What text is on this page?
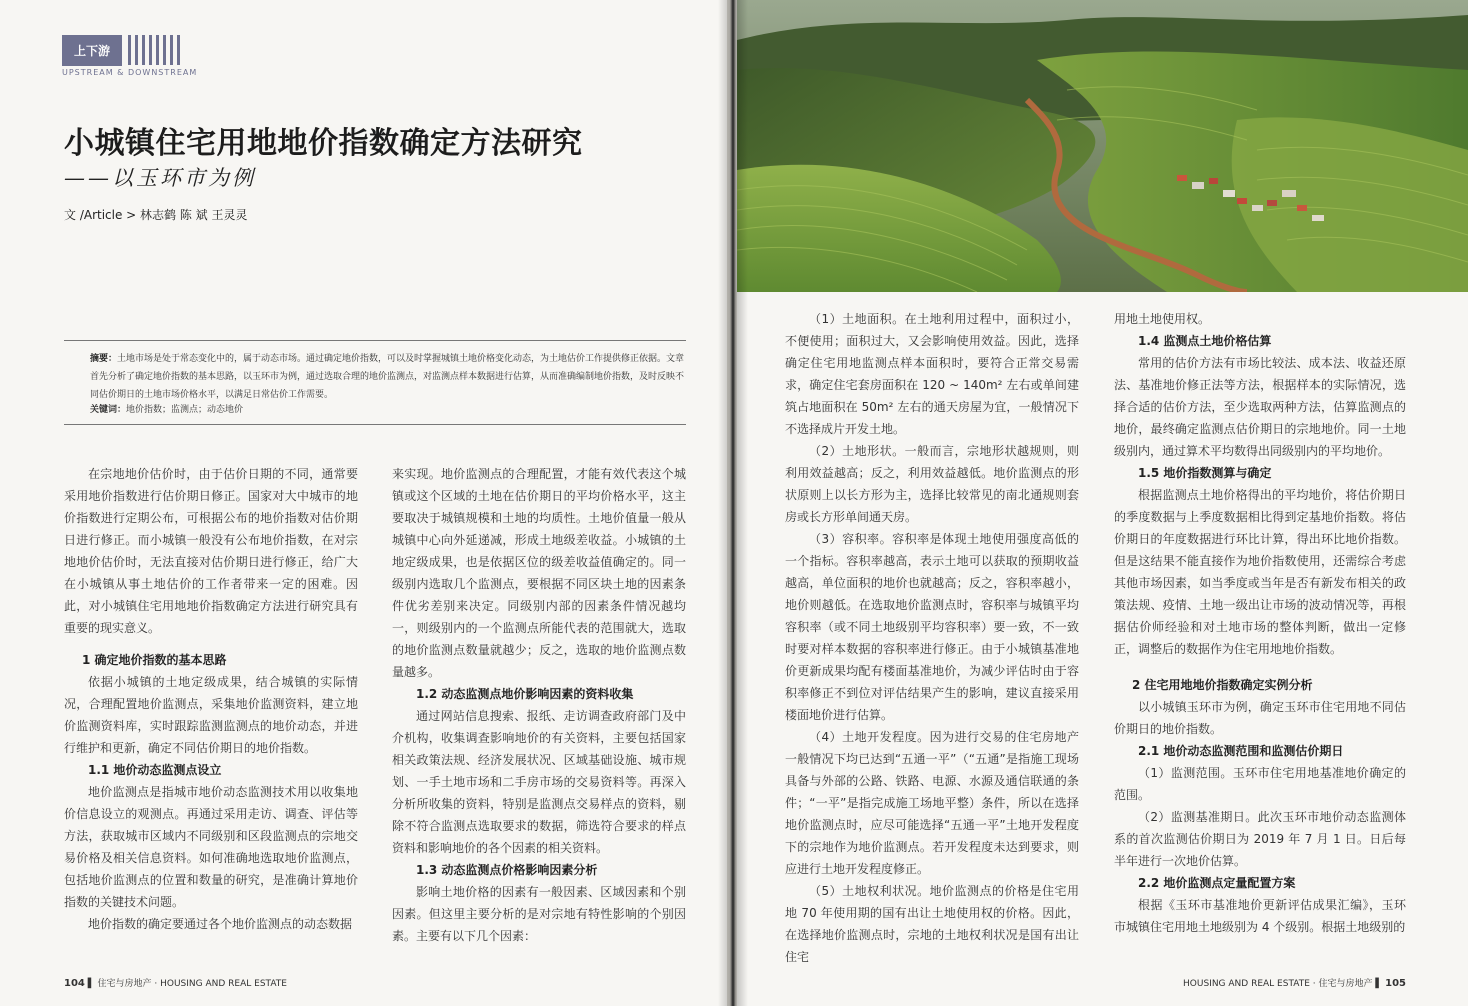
上下游
UPSTREAM & DOWNSTREAM
小城镇住宅用地地价指数确定方法研究
——以玉环市为例
文 /Article > 林志鹤 陈 斌 王灵灵
摘要：土地市场是处于常态变化中的，属于动态市场。通过确定地价指数，可以及时掌握城镇土地价格变化动态，为土地估价工作提供修正依据。文章首先分析了确定地价指数的基本思路，以玉环市为例，通过选取合理的地价监测点，对监测点样本数据进行估算，从而准确编制地价指数，及时反映不同估价期日的土地市场价格水平，以满足日常估价工作需要。
关键词：地价指数；监测点；动态地价

在宗地地价估价时，由于估价日期的不同，通常要采用地价指数进行估价期日修正。国家对大中城市的地价指数进行定期公布，可根据公布的地价指数对估价期日进行修正。而小城镇一般没有公布地价指数，在对宗地地价估价时，无法直接对估价期日进行修正，给广大在小城镇从事土地估价的工作者带来一定的困难。因此，对小城镇住宅用地地价指数确定方法进行研究具有重要的现实意义。

1 确定地价指数的基本思路

依据小城镇的土地定级成果，结合城镇的实际情况，合理配置地价监测点，采集地价监测资料，建立地价监测资料库，实时跟踪监测监测点的地价动态，并进行维护和更新，确定不同估价期日的地价指数。

1.1 地价动态监测点设立

地价监测点是指城市地价动态监测技术用以收集地价信息设立的观测点。再通过采用走访、调查、评估等方法，获取城市区域内不同级别和区段监测点的宗地交易价格及相关信息资料。如何准确地选取地价监测点，包括地价监测点的位置和数量的研究，是准确计算地价指数的关键技术问题。

地价指数的确定要通过各个地价监测点的动态数据

来实现。地价监测点的合理配置，才能有效代表这个城镇或这个区域的土地在估价期日的平均价格水平，这主要取决于城镇规模和土地的均质性。土地价值量一般从城镇中心向外延递减，形成土地级差收益。小城镇的土地定级成果，也是依据区位的级差收益值确定的。同一级别内选取几个监测点，要根据不同区块土地的因素条件优劣差别来决定。同级别内部的因素条件情况越均一，则级别内的一个监测点所能代表的范围就大，选取的地价监测点数量就越少；反之，选取的地价监测点数量越多。

1.2 动态监测点地价影响因素的资料收集

通过网站信息搜索、报纸、走访调查政府部门及中介机构，收集调查影响地价的有关资料，主要包括国家相关政策法规、经济发展状况、区域基础设施、城市规划、一手土地市场和二手房市场的交易资料等。再深入分析所收集的资料，特别是监测点交易样点的资料，剔除不符合监测点选取要求的数据，筛选符合要求的样点资料和影响地价的各个因素的相关资料。

1.3 动态监测点价格影响因素分析

影响土地价格的因素有一般因素、区域因素和个别因素。但这里主要分析的是对宗地有特性影响的个别因素。主要有以下几个因素：

104 ▌ 住宅与房地产 · HOUSING AND REAL ESTATE

（1）土地面积。在土地利用过程中，面积过小，不便使用；面积过大，又会影响使用效益。因此，选择确定住宅用地监测点样本面积时，要符合正常交易需求，确定住宅套房面积在 120 ~ 140m² 左右或单间建筑占地面积在 50m² 左右的通天房屋为宜，一般情况下不选择成片开发土地。

（2）土地形状。一般而言，宗地形状越规则，则利用效益越高；反之，利用效益越低。地价监测点的形状原则上以长方形为主，选择比较常见的南北通规则套房或长方形单间通天房。

（3）容积率。容积率是体现土地使用强度高低的一个指标。容积率越高，表示土地可以获取的预期收益越高，单位面积的地价也就越高；反之，容积率越小，地价则越低。在选取地价监测点时，容积率与城镇平均容积率（或不同土地级别平均容积率）要一致，不一致时要对样本数据的容积率进行修正。由于小城镇基准地价更新成果均配有楼面基准地价，为减少评估时由于容积率修正不到位对评估结果产生的影响，建议直接采用楼面地价进行估算。

（4）土地开发程度。因为进行交易的住宅房地产一般情况下均已达到“五通一平”（“五通”是指施工现场具备与外部的公路、铁路、电源、水源及通信联通的条件；“一平”是指完成施工场地平整）条件，所以在选择地价监测点时，应尽可能选择“五通一平”土地开发程度下的宗地作为地价监测点。若开发程度未达到要求，则应进行土地开发程度修正。

（5）土地权利状况。地价监测点的价格是住宅用地 70 年使用期的国有出让土地使用权的价格。因此，在选择地价监测点时，宗地的土地权利状况是国有出让住宅

用地土地使用权。

1.4 监测点土地价格估算

常用的估价方法有市场比较法、成本法、收益还原法、基准地价修正法等方法，根据样本的实际情况，选择合适的估价方法，至少选取两种方法，估算监测点的地价，最终确定监测点估价期日的宗地地价。同一土地级别内，通过算术平均数得出同级别内的平均地价。

1.5 地价指数测算与确定

根据监测点土地价格得出的平均地价，将估价期日的季度数据与上季度数据相比得到定基地价指数。将估价期日的年度数据进行环比计算，得出环比地价指数。但是这结果不能直接作为地价指数使用，还需综合考虑其他市场因素，如当季度或当年是否有新发布相关的政策法规、疫情、土地一级出让市场的波动情况等，再根据估价师经验和对土地市场的整体判断，做出一定修正，调整后的数据作为住宅用地地价指数。

2 住宅用地地价指数确定实例分析

以小城镇玉环市为例，确定玉环市住宅用地不同估价期日的地价指数。

2.1 地价动态监测范围和监测估价期日

（1）监测范围。玉环市住宅用地基准地价确定的范围。

（2）监测基准期日。此次玉环市地价动态监测体系的首次监测估价期日为 2019 年 7 月 1 日。日后每半年进行一次地价估算。

2.2 地价监测点定量配置方案

根据《玉环市基准地价更新评估成果汇编》，玉环市城镇住宅用地土地级别为 4 个级别。根据土地级别的

HOUSING AND REAL ESTATE · 住宅与房地产 ▌ 105
